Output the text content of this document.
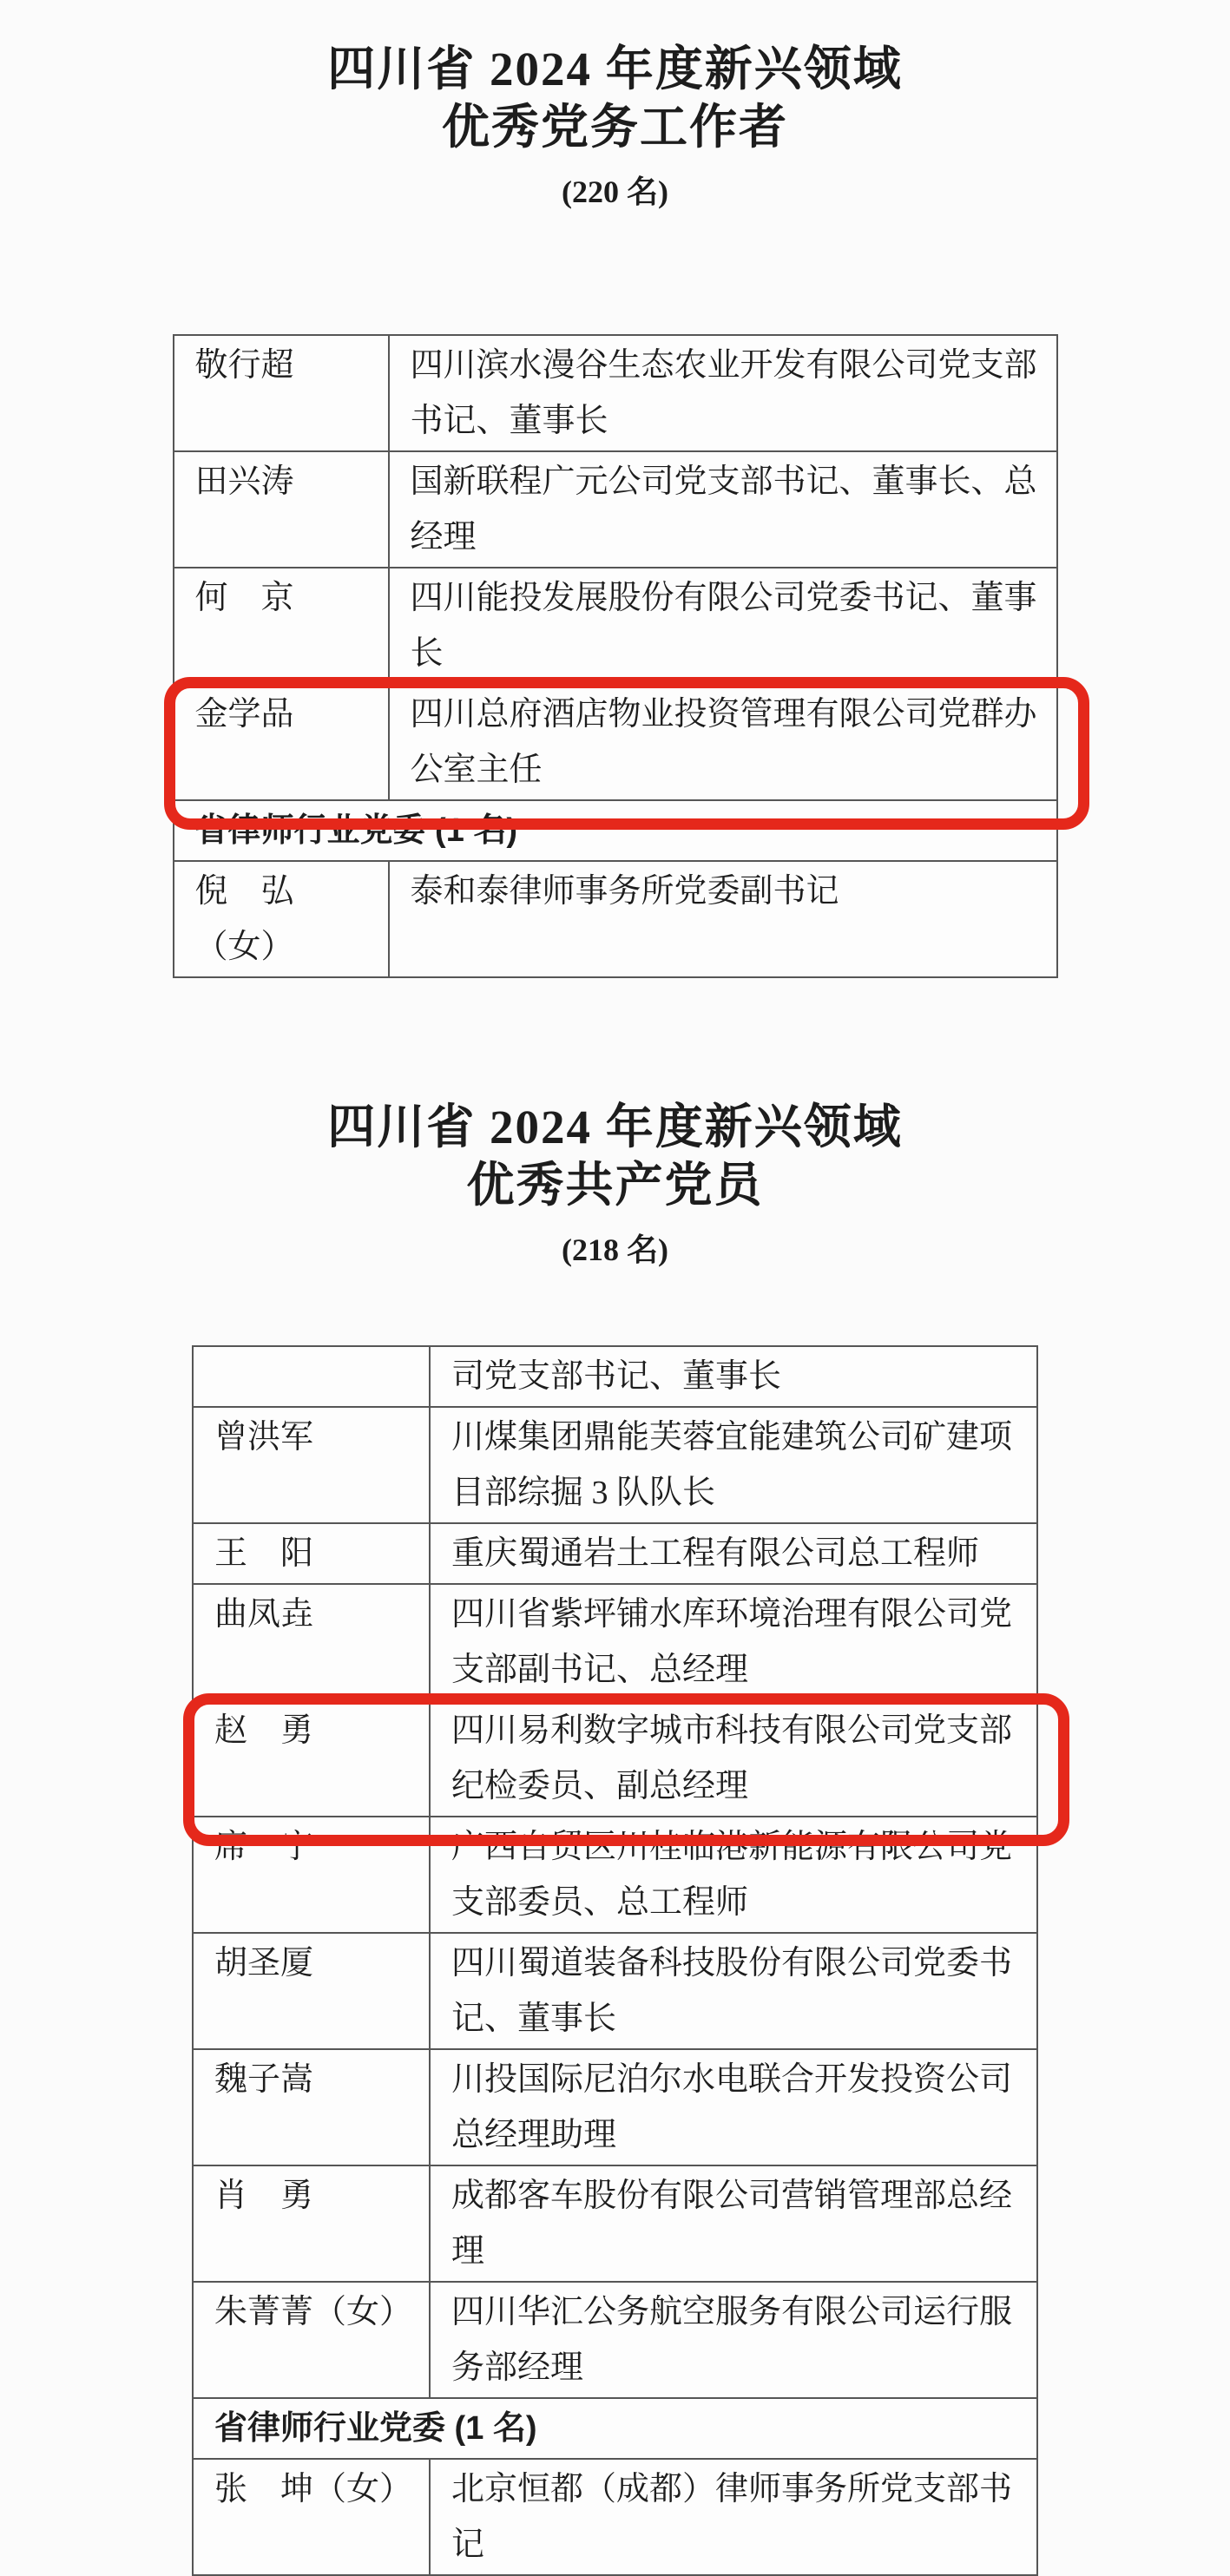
四川省 2024 年度新兴领域
优秀党务工作者
(220 名)
敬行超	四川滨水漫谷生态农业开发有限公司党支部书记、董事长
田兴涛	国新联程广元公司党支部书记、董事长、总经理
何　京	四川能投发展股份有限公司党委书记、董事长
金学品	四川总府酒店物业投资管理有限公司党群办公室主任
省律师行业党委 (1 名)	
倪　弘（女）	泰和泰律师事务所党委副书记
四川省 2024 年度新兴领域
优秀共产党员
(218 名)
	司党支部书记、董事长
曾洪军	川煤集团鼎能芙蓉宜能建筑公司矿建项目部综掘 3 队队长
王　阳	重庆蜀通岩土工程有限公司总工程师
曲凤垚	四川省紫坪铺水库环境治理有限公司党支部副书记、总经理
赵　勇	四川易利数字城市科技有限公司党支部纪检委员、副总经理
席　宁	广西自贸区川桂临港新能源有限公司党支部委员、总工程师
胡圣厦	四川蜀道装备科技股份有限公司党委书记、董事长
魏子嵩	川投国际尼泊尔水电联合开发投资公司总经理助理
肖　勇	成都客车股份有限公司营销管理部总经理
朱菁菁（女）	四川华汇公务航空服务有限公司运行服务部经理
省律师行业党委 (1 名)	
张　坤（女）	北京恒都（成都）律师事务所党支部书记
